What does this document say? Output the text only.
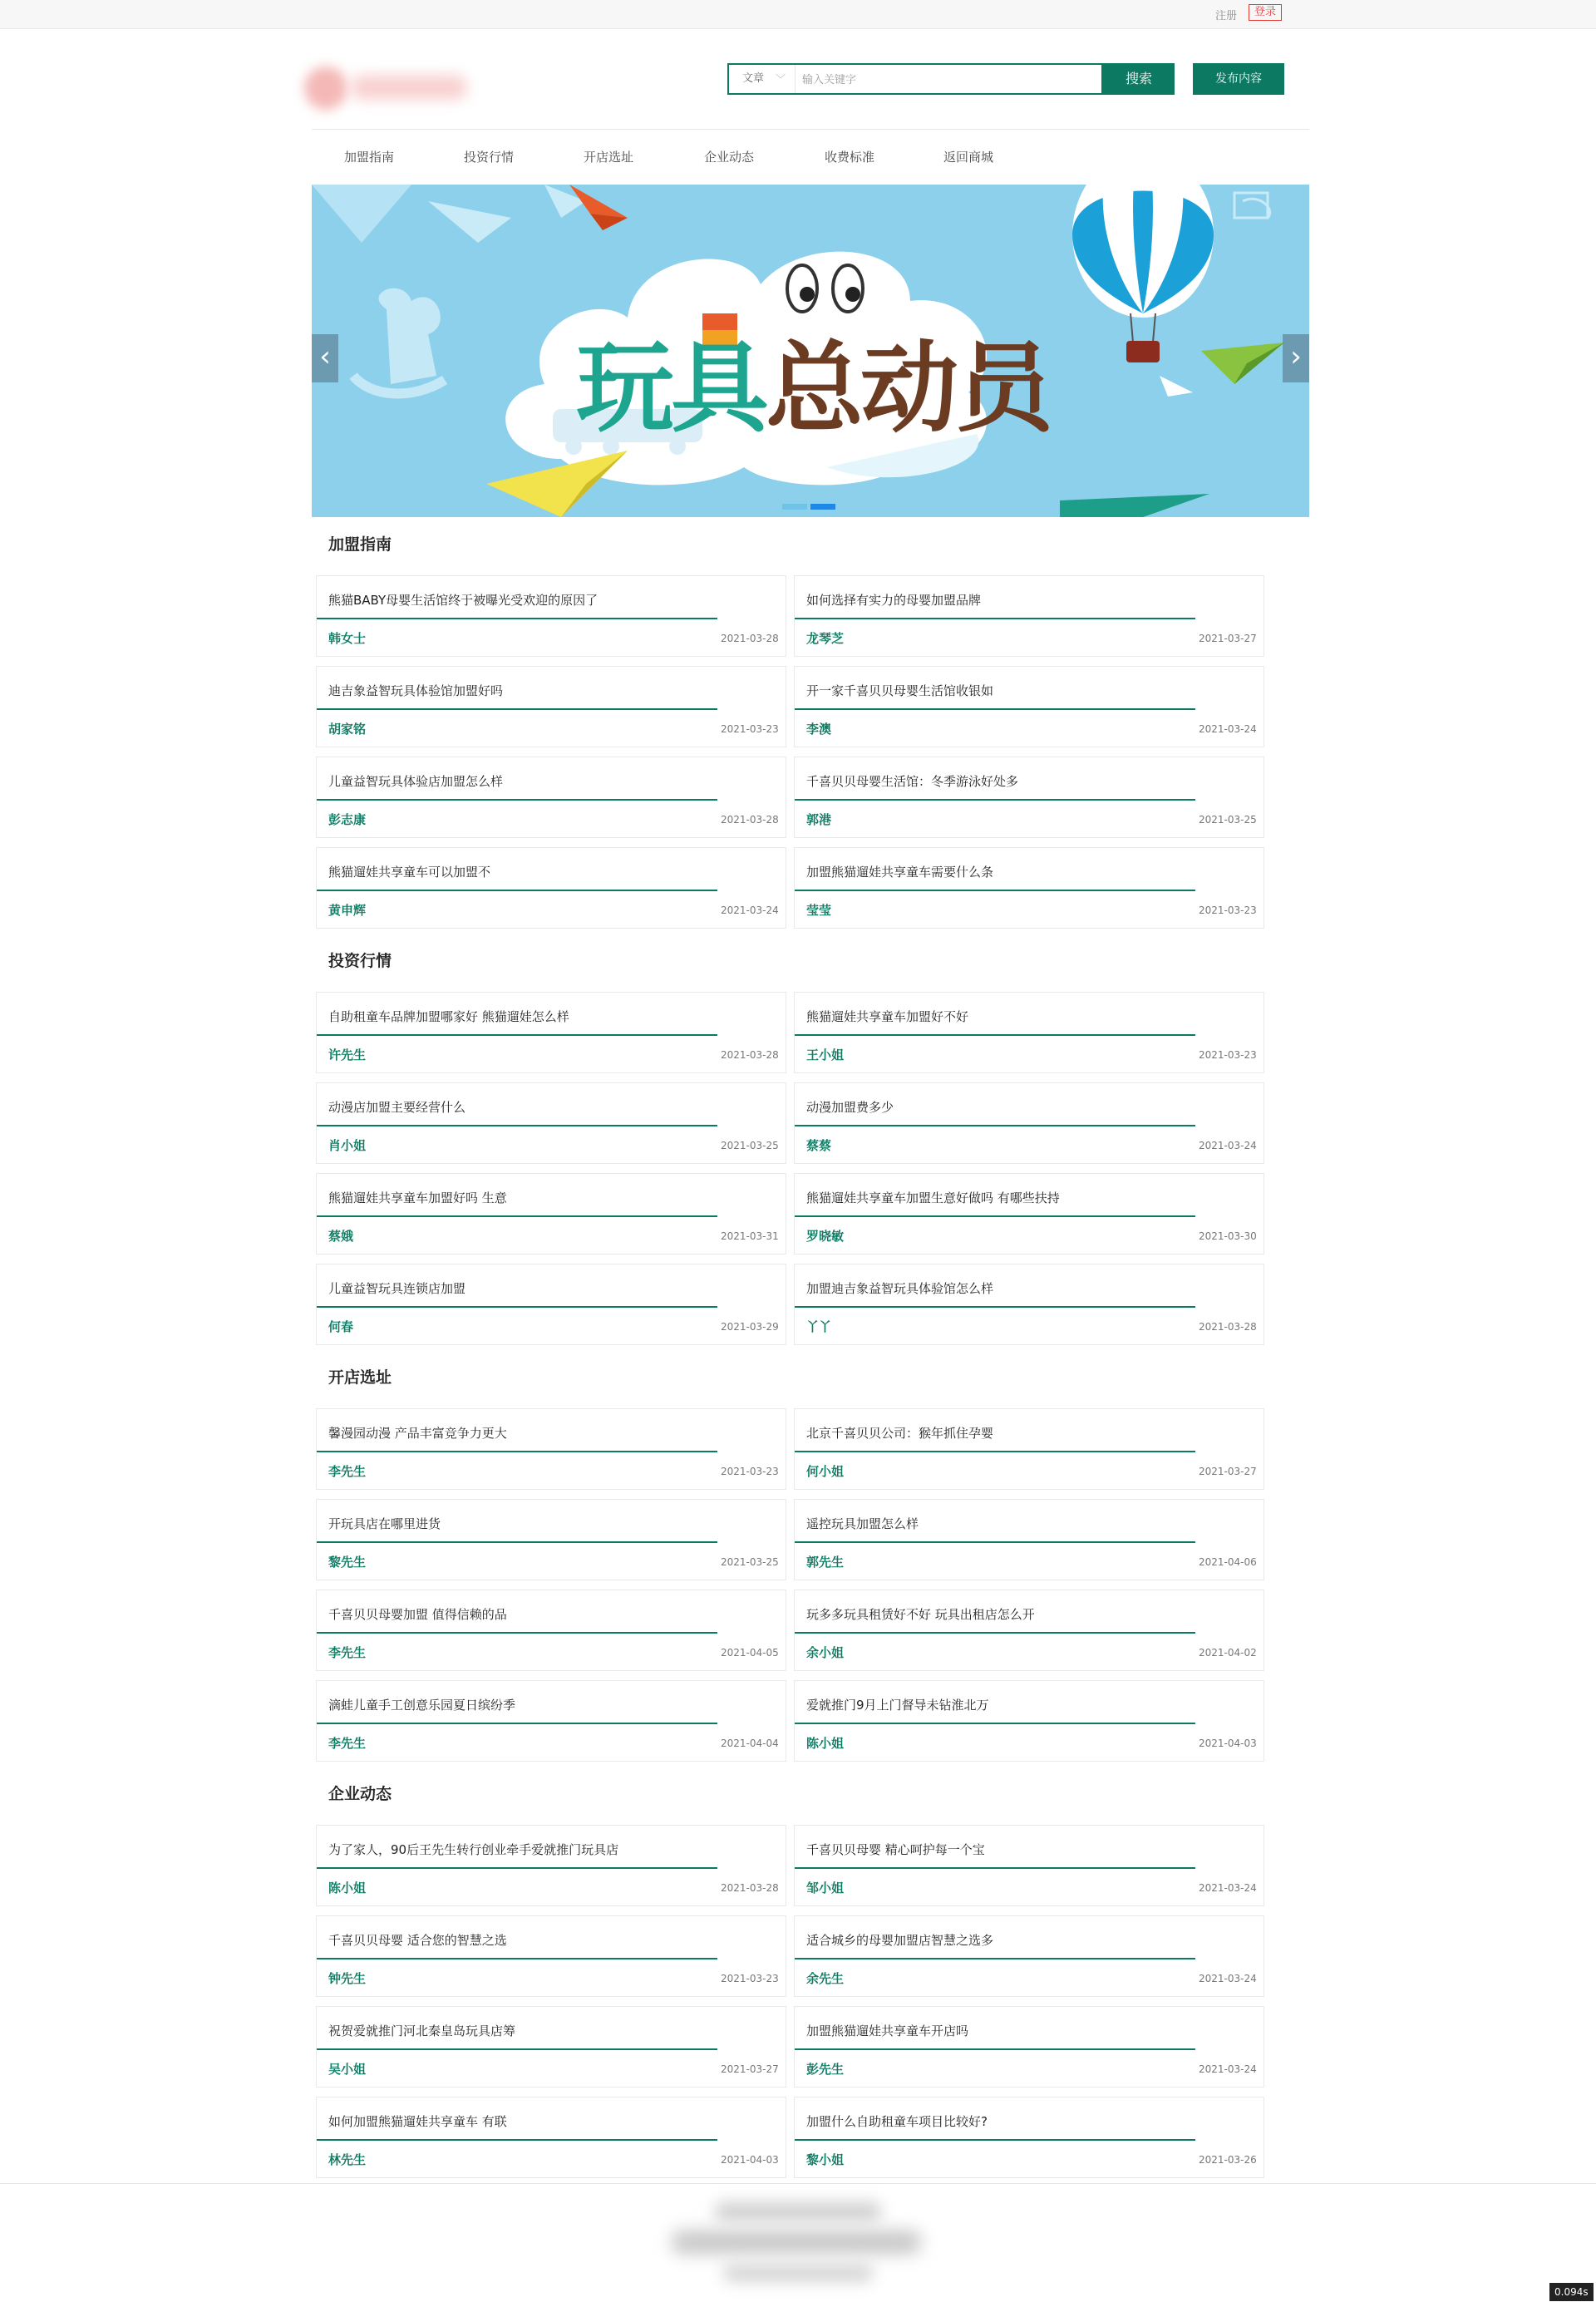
注册	登录
文章 ﹀
输入关键字	搜索	发布内容
加盟指南	投资行情	开店选址	企业动态	收费标准	返回商城
玩具总动员
‹	›
加盟指南
熊猫BABY母婴生活馆终于被曝光受欢迎的原因了
韩女士	2021-03-28
如何选择有实力的母婴加盟品牌
龙琴芝	2021-03-27
迪吉象益智玩具体验馆加盟好吗
胡家铭	2021-03-23
开一家千喜贝贝母婴生活馆收银如
李澳	2021-03-24
儿童益智玩具体验店加盟怎么样
彭志康	2021-03-28
千喜贝贝母婴生活馆：冬季游泳好处多
郭港	2021-03-25
熊猫遛娃共享童车可以加盟不
黄申辉	2021-03-24
加盟熊猫遛娃共享童车需要什么条
莹莹	2021-03-23
投资行情
自助租童车品牌加盟哪家好 熊猫遛娃怎么样
许先生	2021-03-28
熊猫遛娃共享童车加盟好不好
王小姐	2021-03-23
动漫店加盟主要经营什么
肖小姐	2021-03-25
动漫加盟费多少
蔡蔡	2021-03-24
熊猫遛娃共享童车加盟好吗 生意
蔡娥	2021-03-31
熊猫遛娃共享童车加盟生意好做吗 有哪些扶持
罗晓敏	2021-03-30
儿童益智玩具连锁店加盟
何春	2021-03-29
加盟迪吉象益智玩具体验馆怎么样
丫丫	2021-03-28
开店选址
馨漫园动漫 产品丰富竞争力更大
李先生	2021-03-23
北京千喜贝贝公司：猴年抓住孕婴
何小姐	2021-03-27
开玩具店在哪里进货
黎先生	2021-03-25
遥控玩具加盟怎么样
郭先生	2021-04-06
千喜贝贝母婴加盟 值得信赖的品
李先生	2021-04-05
玩多多玩具租赁好不好 玩具出租店怎么开
余小姐	2021-04-02
滴蛙儿童手工创意乐园夏日缤纷季
李先生	2021-04-04
爱就推门9月上门督导未钻淮北万
陈小姐	2021-04-03
企业动态
为了家人，90后王先生转行创业牵手爱就推门玩具店
陈小姐	2021-03-28
千喜贝贝母婴 精心呵护每一个宝
邹小姐	2021-03-24
千喜贝贝母婴 适合您的智慧之选
钟先生	2021-03-23
适合城乡的母婴加盟店智慧之选多
余先生	2021-03-24
祝贺爱就推门河北秦皇岛玩具店筹
吴小姐	2021-03-27
加盟熊猫遛娃共享童车开店吗
彭先生	2021-03-24
如何加盟熊猫遛娃共享童车 有联
林先生	2021-04-03
加盟什么自助租童车项目比较好?
黎小姐	2021-03-26
0.094s
